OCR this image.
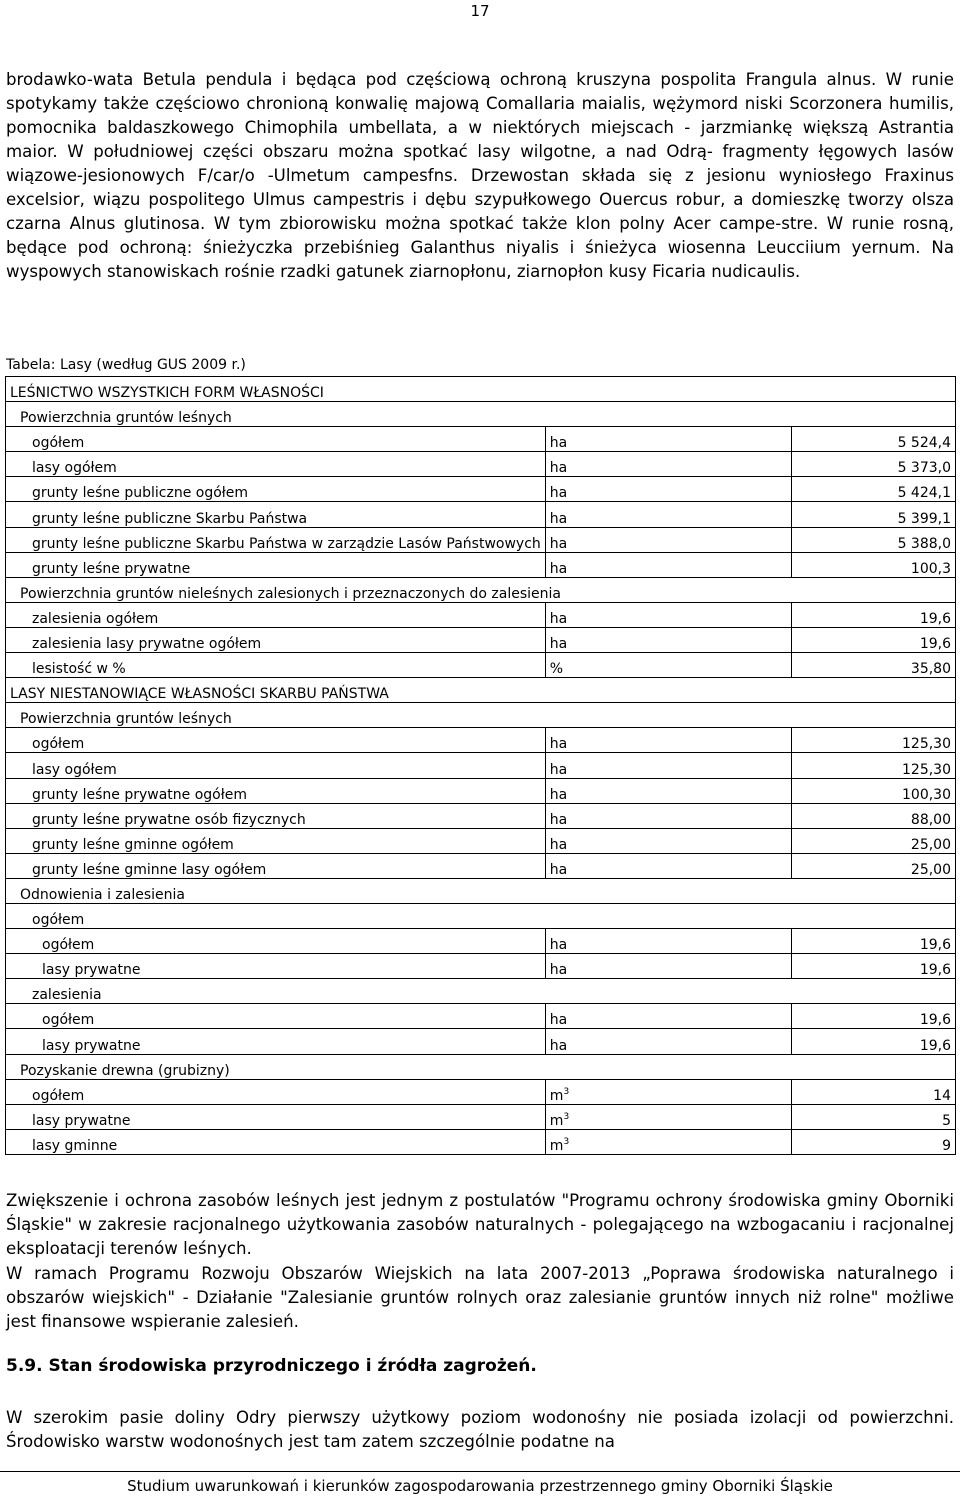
17

brodawko-wata Betula pendula i będąca pod częściową ochroną kruszyna pospolita Frangula alnus. W runie spotykamy także częściowo chronioną konwalię majową Comallaria maialis, wężymord niski Scorzonera humilis, pomocnika baldaszkowego Chimophila umbellata, a w niektórych miejscach - jarzmiankę większą Astrantia maior. W południowej części obszaru można spotkać lasy wilgotne, a nad Odrą- fragmenty łęgowych lasów wiązowe-jesionowych F/car/o -Ulmetum campesfns. Drzewostan składa się z jesionu wyniosłego Fraxinus excelsior, wiązu pospolitego Ulmus campestris i dębu szypułkowego Ouercus robur, a domieszkę tworzy olsza czarna Alnus glutinosa. W tym zbiorowisku można spotkać także klon polny Acer campe-stre. W runie rosną, będące pod ochroną: śnieżyczka przebiśnieg Galanthus niyalis i śnieżyca wiosenna Leucciium yernum. Na wyspowych stanowiskach rośnie rzadki gatunek ziarnopłonu, ziarnopłon kusy Ficaria nudicaulis.

Tabela: Lasy (według GUS 2009 r.)
LEŚNICTWO WSZYSTKICH FORM WŁASNOŚCI		
Powierzchnia gruntów leśnych		
ogółem	ha	5 524,4
lasy ogółem	ha	5 373,0
grunty leśne publiczne ogółem	ha	5 424,1
grunty leśne publiczne Skarbu Państwa	ha	5 399,1
grunty leśne publiczne Skarbu Państwa w zarządzie Lasów Państwowych	ha	5 388,0
grunty leśne prywatne	ha	100,3
Powierzchnia gruntów nieleśnych zalesionych i przeznaczonych do zalesienia		
zalesienia ogółem	ha	19,6
zalesienia lasy prywatne ogółem	ha	19,6
lesistość w %	%	35,80
LASY NIESTANOWIĄCE WŁASNOŚCI SKARBU PAŃSTWA		
Powierzchnia gruntów leśnych		
ogółem	ha	125,30
lasy ogółem	ha	125,30
grunty leśne prywatne ogółem	ha	100,30
grunty leśne prywatne osób fizycznych	ha	88,00
grunty leśne gminne ogółem	ha	25,00
grunty leśne gminne lasy ogółem	ha	25,00
Odnowienia i zalesienia		
ogółem		
ogółem	ha	19,6
lasy prywatne	ha	19,6
zalesienia		
ogółem	ha	19,6
lasy prywatne	ha	19,6
Pozyskanie drewna (grubizny)		
ogółem	$m^3$	14
lasy prywatne	$m^3$	5
lasy gminne	$m^3$	9

Zwiększenie i ochrona zasobów leśnych jest jednym z postulatów "Programu ochrony środowiska gminy Oborniki Śląskie" w zakresie racjonalnego użytkowania zasobów naturalnych - polegającego na wzbogacaniu i racjonalnej eksploatacji terenów leśnych.

W ramach Programu Rozwoju Obszarów Wiejskich na lata 2007-2013 „Poprawa środowiska naturalnego i obszarów wiejskich" - Działanie "Zalesianie gruntów rolnych oraz zalesianie gruntów innych niż rolne" możliwe jest finansowe wspieranie zalesień.

5.9. Stan środowiska przyrodniczego i źródła zagrożeń.

W szerokim pasie doliny Odry pierwszy użytkowy poziom wodonośny nie posiada izolacji od powierzchni. Środowisko warstw wodonośnych jest tam zatem szczególnie podatne na

Studium uwarunkowań i kierunków zagospodarowania przestrzennego gminy Oborniki Śląskie
